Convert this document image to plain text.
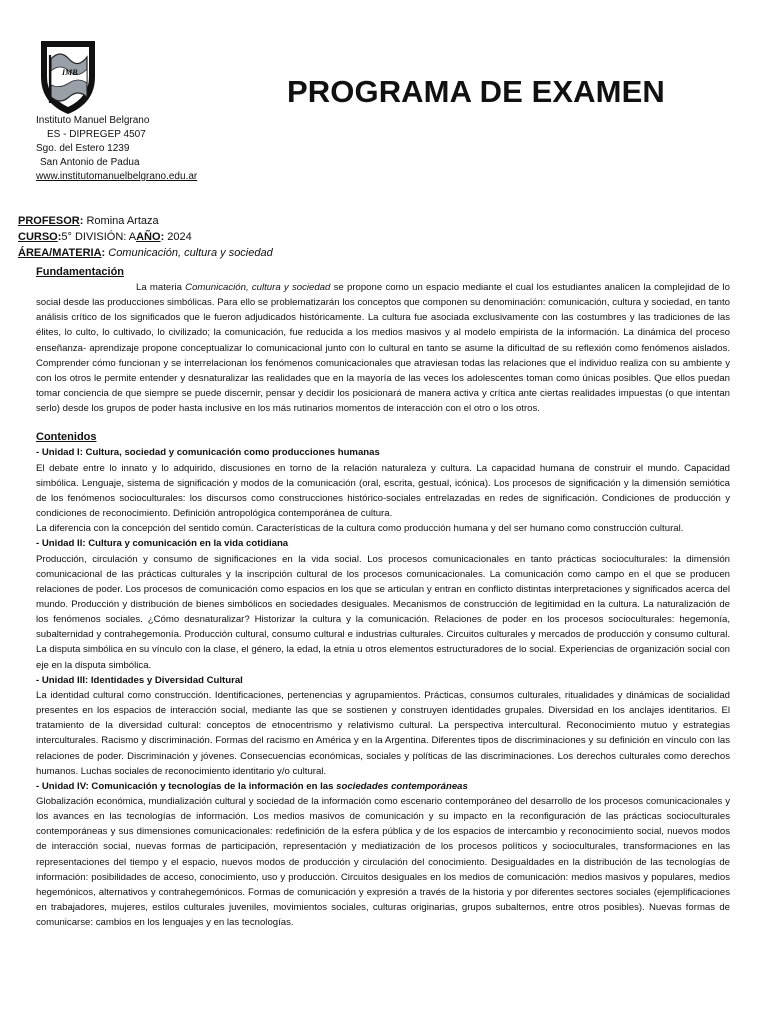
IMB
PROGRAMA DE EXAMEN
Instituto Manuel Belgrano
ES - DIPREGEP 4507
Sgo. del Estero 1239
San Antonio de Padua
www.institutomanuelbelgrano.edu.ar
PROFESOR: Romina Artaza
CURSO:5° DIVISIÓN: AAÑO: 2024
ÁREA/MATERIA: Comunicación, cultura y sociedad
Fundamentación

La materia Comunicación, cultura y sociedad se propone como un espacio mediante el cual los estudiantes analicen la complejidad de lo social desde las producciones simbólicas. Para ello se problematizarán los conceptos que componen su denominación: comunicación, cultura y sociedad, en tanto análisis crítico de los significados que le fueron adjudicados históricamente. La cultura fue asociada exclusivamente con las costumbres y las tradiciones de las élites, lo culto, lo cultivado, lo civilizado; la comunicación, fue reducida a los medios masivos y al modelo empirista de la información. La dinámica del proceso enseñanza- aprendizaje propone conceptualizar lo comunicacional junto con lo cultural en tanto se asume la dificultad de su reflexión como fenómenos aislados. Comprender cómo funcionan y se interrelacionan los fenómenos comunicacionales que atraviesan todas las relaciones que el individuo realiza con su ambiente y con los otros le permite entender y desnaturalizar las realidades que en la mayoría de las veces los adolescentes toman como únicas posibles. Que ellos puedan tomar conciencia de que siempre se puede discernir, pensar y decidir los posicionará de manera activa y crítica ante ciertas realidades impuestas (o que intentan serlo) desde los grupos de poder hasta inclusive en los más rutinarios momentos de interacción con el otro o los otros.

Contenidos
- Unidad I: Cultura, sociedad y comunicación como producciones humanas

El debate entre lo innato y lo adquirido, discusiones en torno de la relación naturaleza y cultura. La capacidad humana de construir el mundo. Capacidad simbólica. Lenguaje, sistema de significación y modos de la comunicación (oral, escrita, gestual, icónica). Los procesos de significación y la dimensión semiótica de los fenómenos socioculturales: los discursos como construcciones histórico-sociales entrelazadas en redes de significación. Condiciones de producción y condiciones de reconocimiento. Definición antropológica contemporánea de cultura.

La diferencia con la concepción del sentido común. Características de la cultura como producción humana y del ser humano como construcción cultural.

- Unidad II: Cultura y comunicación en la vida cotidiana

Producción, circulación y consumo de significaciones en la vida social. Los procesos comunicacionales en tanto prácticas socioculturales: la dimensión comunicacional de las prácticas culturales y la inscripción cultural de los procesos comunicacionales. La comunicación como campo en el que se producen relaciones de poder. Los procesos de comunicación como espacios en los que se articulan y entran en conflicto distintas interpretaciones y significados acerca del mundo. Producción y distribución de bienes simbólicos en sociedades desiguales. Mecanismos de construcción de legitimidad en la cultura. La naturalización de los fenómenos sociales. ¿Cómo desnaturalizar? Historizar la cultura y la comunicación. Relaciones de poder en los procesos socioculturales: hegemonía, subalternidad y contrahegemonía. Producción cultural, consumo cultural e industrias culturales. Circuitos culturales y mercados de producción y consumo cultural. La disputa simbólica en su vínculo con la clase, el género, la edad, la etnia u otros elementos estructuradores de lo social. Experiencias de organización social con eje en la disputa simbólica.

- Unidad III: Identidades y Diversidad Cultural

La identidad cultural como construcción. Identificaciones, pertenencias y agrupamientos. Prácticas, consumos culturales, ritualidades y dinámicas de socialidad presentes en los espacios de interacción social, mediante las que se sostienen y construyen identidades grupales. Diversidad en los anclajes identitarios. El tratamiento de la diversidad cultural: conceptos de etnocentrismo y relativismo cultural. La perspectiva intercultural. Reconocimiento mutuo y estrategias interculturales. Racismo y discriminación. Formas del racismo en América y en la Argentina. Diferentes tipos de discriminaciones y su definición en vínculo con las relaciones de poder. Discriminación y jóvenes. Consecuencias económicas, sociales y políticas de las discriminaciones. Los derechos culturales como derechos humanos. Luchas sociales de reconocimiento identitario y/o cultural.

- Unidad IV: Comunicación y tecnologías de la información en las sociedades contemporáneas

Globalización económica, mundialización cultural y sociedad de la información como escenario contemporáneo del desarrollo de los procesos comunicacionales y los avances en las tecnologías de información. Los medios masivos de comunicación y su impacto en la reconfiguración de las prácticas socioculturales contemporáneas y sus dimensiones comunicacionales: redefinición de la esfera pública y de los espacios de intercambio y reconocimiento social, nuevos modos de interacción social, nuevas formas de participación, representación y mediatización de los procesos políticos y socioculturales, transformaciones en las representaciones del tiempo y el espacio, nuevos modos de producción y circulación del conocimiento. Desigualdades en la distribución de las tecnologías de información: posibilidades de acceso, conocimiento, uso y producción. Circuitos desiguales en los medios de comunicación: medios masivos y populares, medios hegemónicos, alternativos y contrahegemónicos. Formas de comunicación y expresión a través de la historia y por diferentes sectores sociales (ejemplificaciones en trabajadores, mujeres, estilos culturales juveniles, movimientos sociales, culturas originarias, grupos subalternos, entre otros posibles). Nuevas formas de comunicarse: cambios en los lenguajes y en las tecnologías.
